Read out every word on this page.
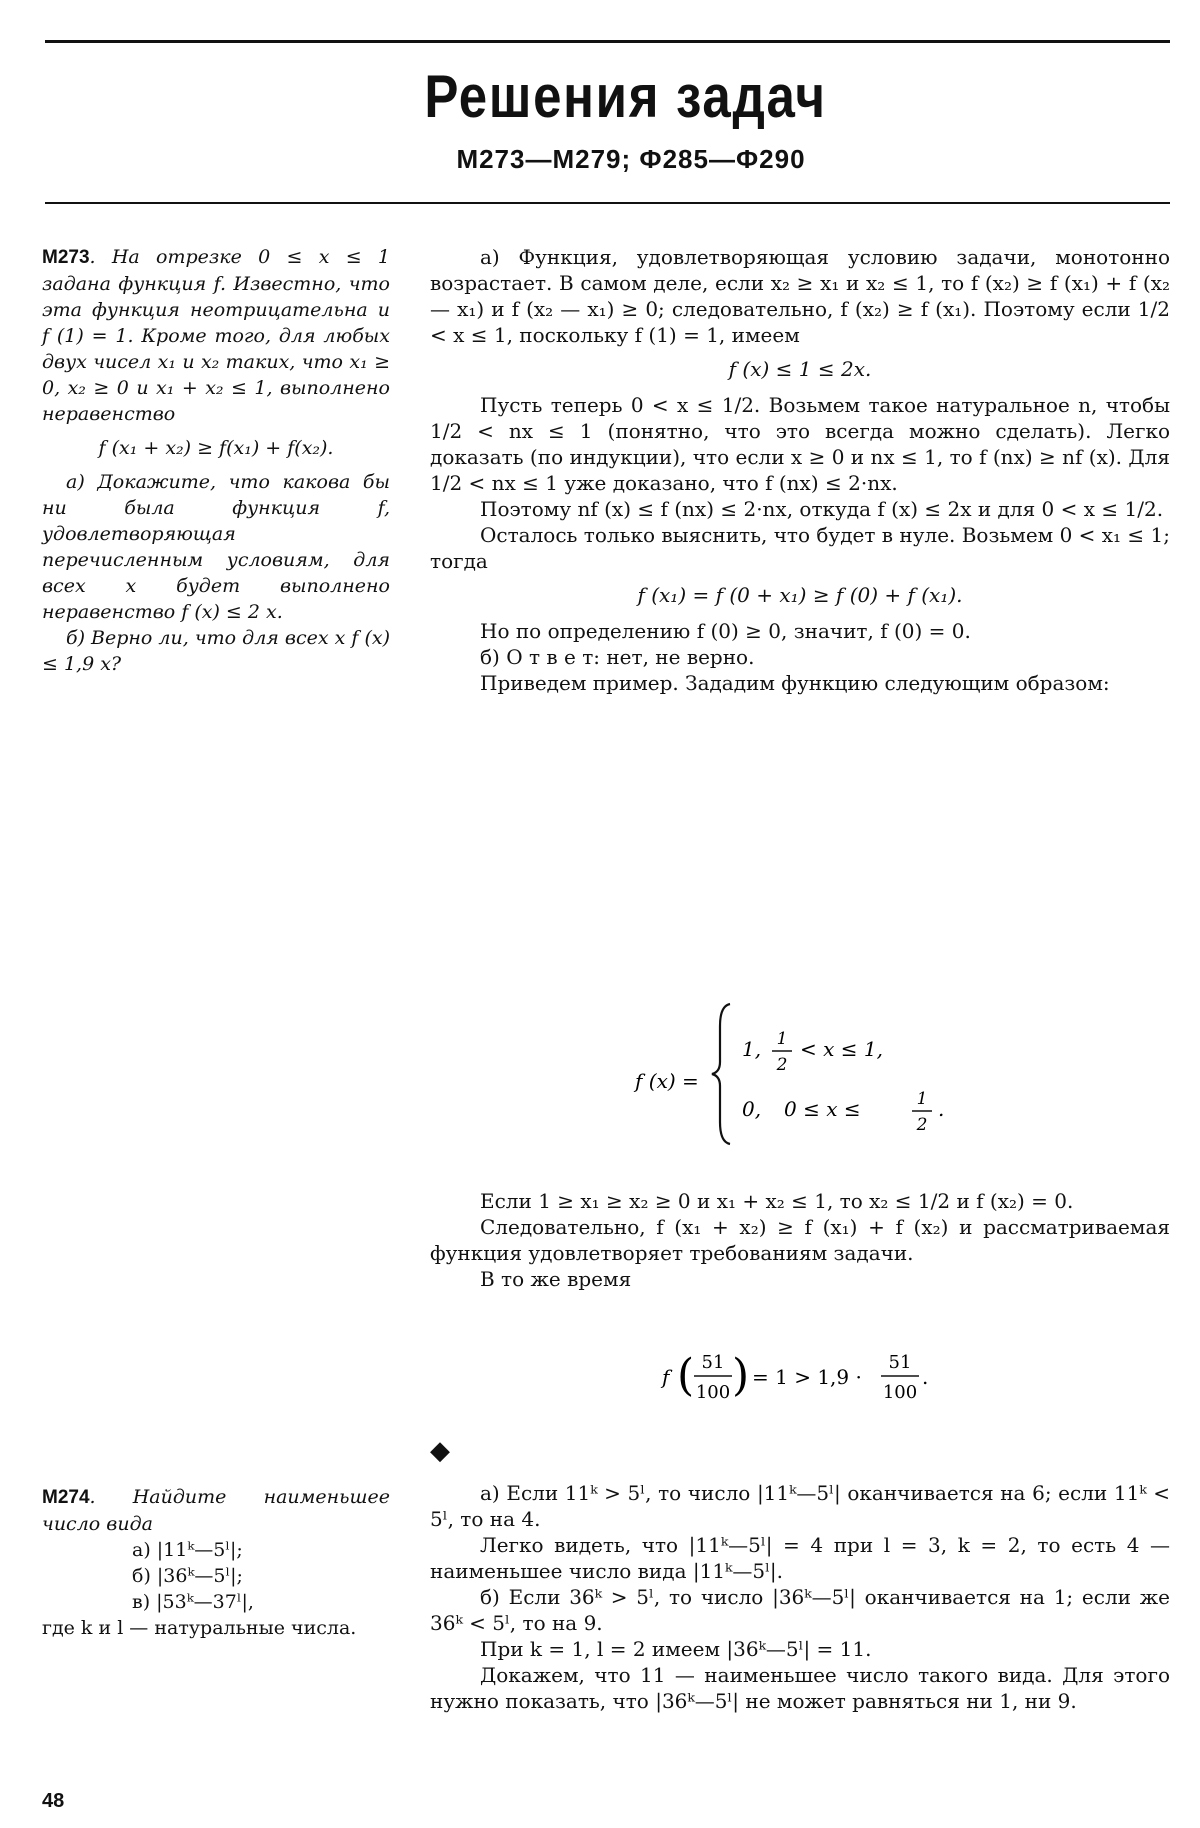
Решения задач
М273—М279; Ф285—Ф290

М273. На отрезке 0 ≤ x ≤ 1 задана функция f. Известно, что эта функция неотрицательна и f (1) = 1. Кроме того, для любых двух чисел x₁ и x₂ таких, что x₁ ≥ 0, x₂ ≥ 0 и x₁ + x₂ ≤ 1, выполнено неравенство

f (x₁ + x₂) ≥ f(x₁) + f(x₂).

а) Докажите, что какова бы ни была функция f, удовлетворяющая перечисленным условиям, для всех x будет выполнено неравенство f (x) ≤ 2 x.

б) Верно ли, что для всех x f (x) ≤ 1,9 x?

М274. Найдите наименьшее число вида

а) |11ᵏ—5ˡ|;
б) |36ᵏ—5ˡ|;
в) |53ᵏ—37ˡ|,

где k и l — натуральные числа.

а) Функция, удовлетворяющая условию задачи, монотонно возрастает. В самом деле, если x₂ ≥ x₁ и x₂ ≤ 1, то f (x₂) ≥ f (x₁) + f (x₂ — x₁) и f (x₂ — x₁) ≥ 0; следовательно, f (x₂) ≥ f (x₁). Поэтому если 1/2 < x ≤ 1, поскольку f (1) = 1, имеем

f (x) ≤ 1 ≤ 2x.

Пусть теперь 0 < x ≤ 1/2. Возьмем такое натуральное n, чтобы 1/2 < nx ≤ 1 (понятно, что это всегда можно сделать). Легко доказать (по индукции), что если x ≥ 0 и nx ≤ 1, то f (nx) ≥ nf (x). Для 1/2 < nx ≤ 1 уже доказано, что f (nx) ≤ 2·nx.

Поэтому nf (x) ≤ f (nx) ≤ 2·nx, откуда f (x) ≤ 2x и для 0 < x ≤ 1/2.

Осталось только выяснить, что будет в нуле. Возьмем 0 < x₁ ≤ 1; тогда

f (x₁) = f (0 + x₁) ≥ f (0) + f (x₁).

Но по определению f (0) ≥ 0, значит, f (0) = 0.

б) О т в е т: нет, не верно.

Приведем пример. Зададим функцию следующим образом:

f (x) =
1, 1
2
< x ≤ 1,
0, 0 ≤ x ≤	1
2
.

Если 1 ≥ x₁ ≥ x₂ ≥ 0 и x₁ + x₂ ≤ 1, то x₂ ≤ 1/2 и f (x₂) = 0.

Следовательно, f (x₁ + x₂) ≥ f (x₁) + f (x₂) и рассматриваемая функция удовлетворяет требованиям задачи.

В то же время

f ( 51
100 ) = 1 > 1,9 ·
51
100
.
◆

а) Если 11ᵏ > 5ˡ, то число |11ᵏ—5ˡ| оканчивается на 6; если 11ᵏ < 5ˡ, то на 4.

Легко видеть, что |11ᵏ—5ˡ| = 4 при l = 3, k = 2, то есть 4 — наименьшее число вида |11ᵏ—5ˡ|.

б) Если 36ᵏ > 5ˡ, то число |36ᵏ—5ˡ| оканчивается на 1; если же 36ᵏ < 5ˡ, то на 9.

При k = 1, l = 2 имеем |36ᵏ—5ˡ| = 11.

Докажем, что 11 — наименьшее число такого вида. Для этого нужно показать, что |36ᵏ—5ˡ| не может равняться ни 1, ни 9.

48
